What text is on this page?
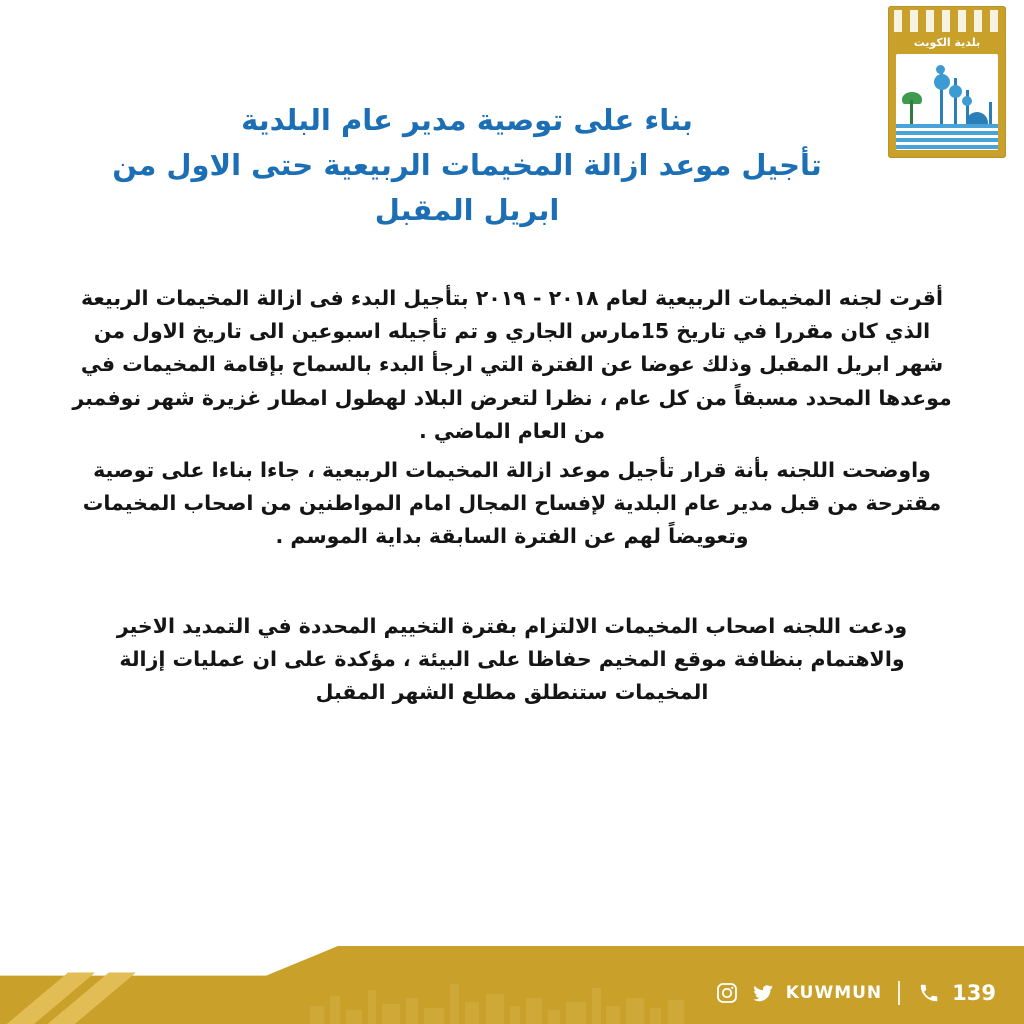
بلدية الكويت
بناء على توصية مدير عام البلدية
تأجيل موعد ازالة المخيمات الربيعية حتى الاول من
ابريل المقبل

أقرت لجنه المخيمات الربيعية لعام ٢٠١٨ - ٢٠١٩ بتأجيل البدء فى ازالة المخيمات الربيعة الذي كان مقررا في تاريخ 15مارس الجاري و تم تأجيله اسبوعين الى تاريخ الاول من شهر ابريل المقبل وذلك عوضا عن الفترة التي ارجأ البدء بالسماح بإقامة المخيمات في موعدها المحدد مسبقاً من كل عام ، نظرا لتعرض البلاد لهطول امطار غزيرة شهر نوفمبر من العام الماضي .

واوضحت اللجنه بأنة قرار تأجيل موعد ازالة المخيمات الربيعية ، جاءا بناءا على توصية مقترحة من قبل مدير عام البلدية لإفساح المجال امام المواطنين من اصحاب المخيمات وتعويضاً لهم عن الفترة السابقة بداية الموسم .

ودعت اللجنه اصحاب المخيمات الالتزام بفترة التخييم المحددة في التمديد الاخير والاهتمام بنظافة موقع المخيم حفاظا على البيئة ، مؤكدة على ان عمليات إزالة المخيمات ستنطلق مطلع الشهر المقبل

KUWMUN	139
